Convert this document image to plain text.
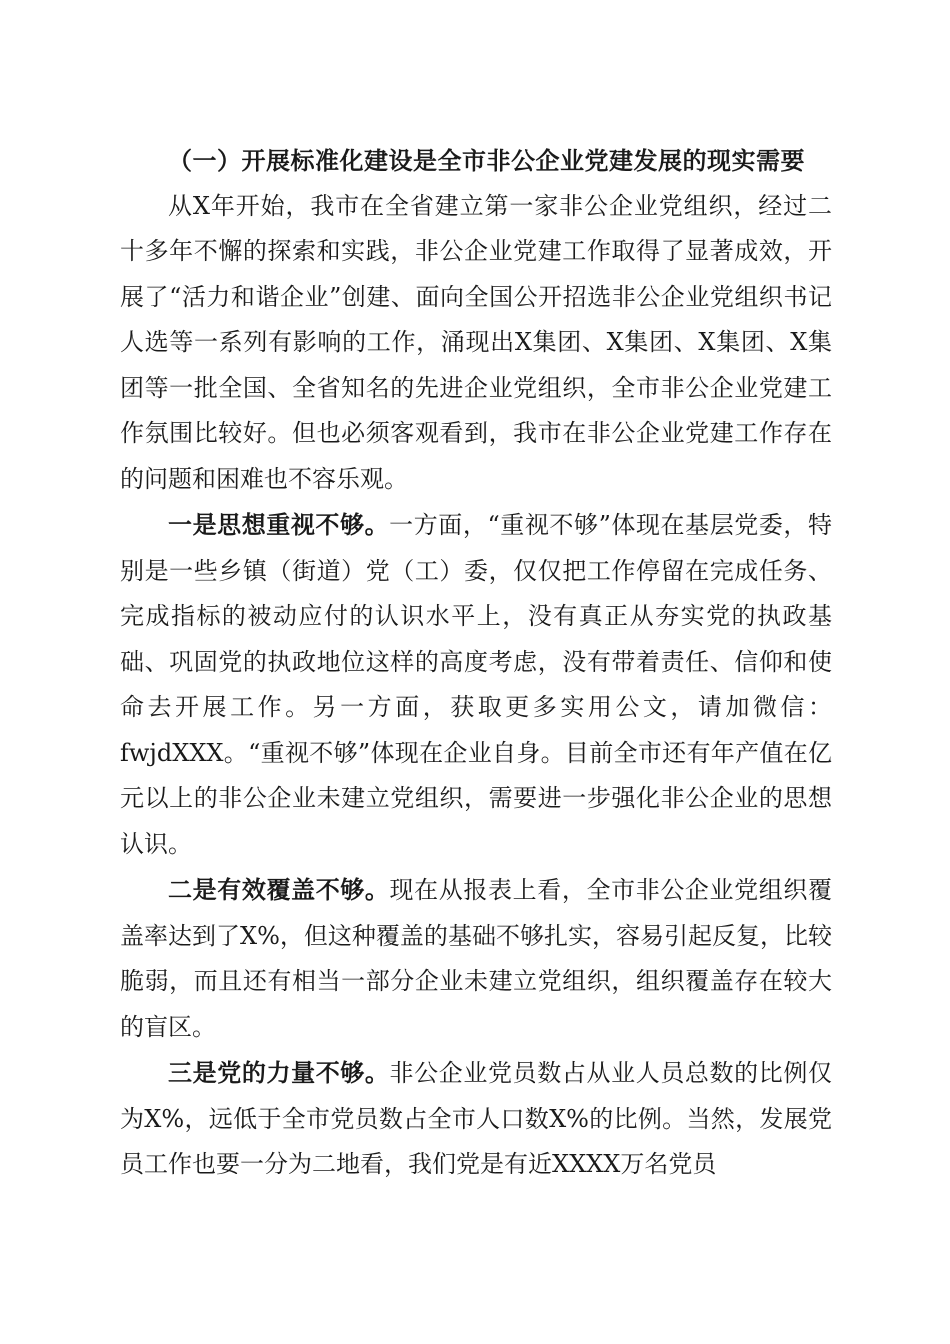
（一）开展标准化建设是全市非公企业党建发展的现实需要

从X年开始，我市在全省建立第一家非公企业党组织，经过二十多年不懈的探索和实践，非公企业党建工作取得了显著成效，开展了“活力和谐企业”创建、面向全国公开招选非公企业党组织书记人选等一系列有影响的工作，涌现出X集团、X集团、X集团、X集团等一批全国、全省知名的先进企业党组织，全市非公企业党建工作氛围比较好。但也必须客观看到，我市在非公企业党建工作存在的问题和困难也不容乐观。

一是思想重视不够。一方面，“重视不够”体现在基层党委，特别是一些乡镇（街道）党（工）委，仅仅把工作停留在完成任务、完成指标的被动应付的认识水平上，没有真正从夯实党的执政基础、巩固党的执政地位这样的高度考虑，没有带着责任、信仰和使命去开展工作。另一方面，获取更多实用公文，请加微信：fwjdXXX。“重视不够”体现在企业自身。目前全市还有年产值在亿元以上的非公企业未建立党组织，需要进一步强化非公企业的思想认识。

二是有效覆盖不够。现在从报表上看，全市非公企业党组织覆盖率达到了X%，但这种覆盖的基础不够扎实，容易引起反复，比较脆弱，而且还有相当一部分企业未建立党组织，组织覆盖存在较大的盲区。

三是党的力量不够。非公企业党员数占从业人员总数的比例仅为X%，远低于全市党员数占全市人口数X%的比例。当然，发展党员工作也要一分为二地看，我们党是有近XXXX万名党员
